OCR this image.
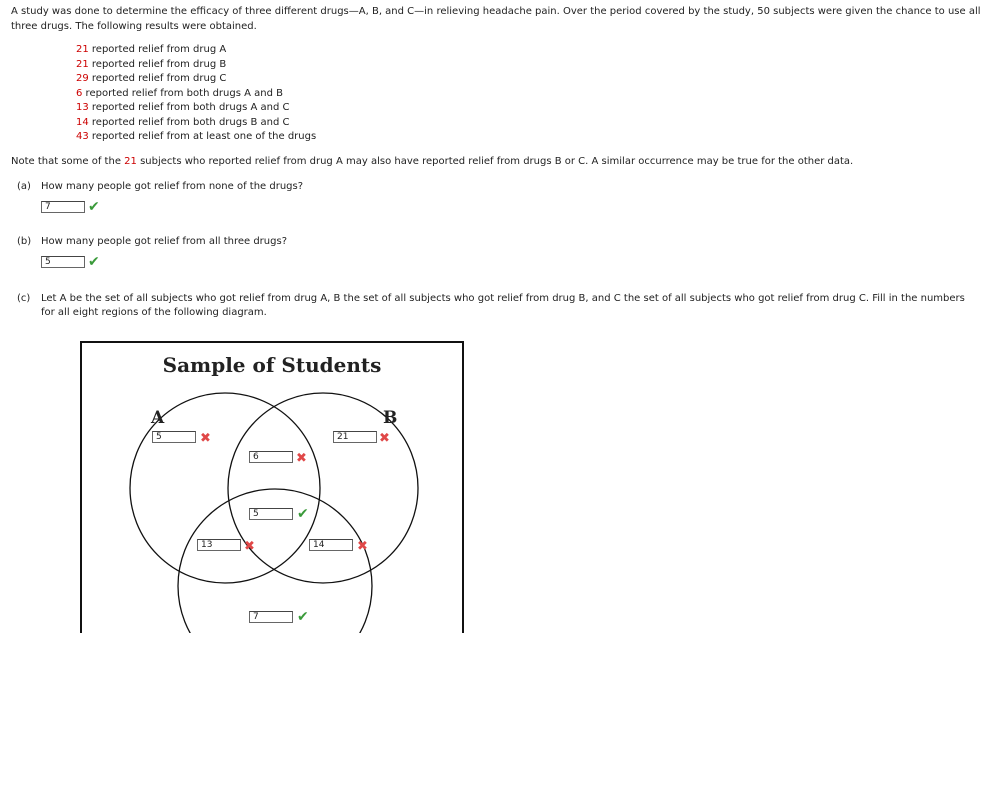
A study was done to determine the efficacy of three different drugs—A, B, and C—in relieving headache pain. Over the period covered by the study, 50 subjects were given the chance to use all three drugs. The following results were obtained.
21 reported relief from drug A
21 reported relief from drug B
29 reported relief from drug C
6 reported relief from both drugs A and B
13 reported relief from both drugs A and C
14 reported relief from both drugs B and C
43 reported relief from at least one of the drugs
Note that some of the 21 subjects who reported relief from drug A may also have reported relief from drugs B or C. A similar occurrence may be true for the other data.
(a) How many people got relief from none of the drugs?
7
✔
(b) How many people got relief from all three drugs?
5
✔
(c) Let A be the set of all subjects who got relief from drug A, B the set of all subjects who got relief from drug B, and C the set of all subjects who got relief from drug C. Fill in the numbers for all eight regions of the following diagram.
Sample of Students
A	B
5
✖
21	✖
6
✖
5
✔
13
✖
14	✖
7
✔
